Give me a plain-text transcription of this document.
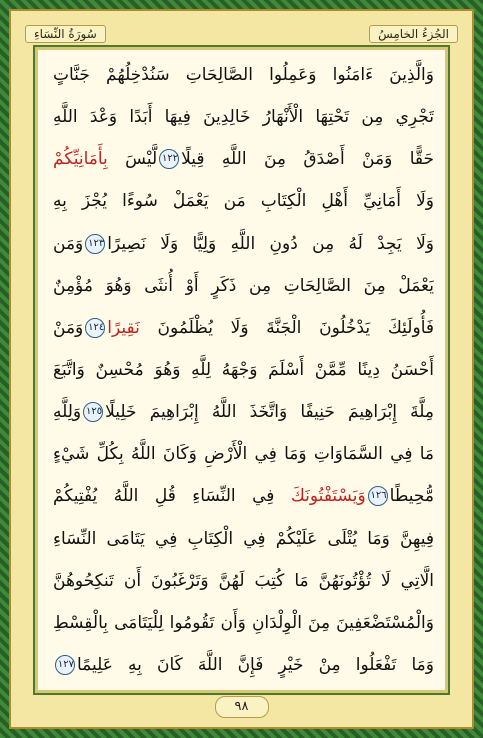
الجُزءُ الخامِسُ
سُورَةُ النِّسَاءِ
وَالَّذِينَ ءَامَنُوا وَعَمِلُوا الصَّالِحَاتِ سَنُدْخِلُهُمْ جَنَّاتٍ
تَجْرِي مِن تَحْتِهَا الْأَنْهَارُ خَالِدِينَ فِيهَا أَبَدًا وَعْدَ اللَّهِ
حَقًّا وَمَنْ أَصْدَقُ مِنَ اللَّهِ قِيلًا١٢٢لَّيْسَ بِأَمَانِيِّكُمْ
وَلَا أَمَانِيِّ أَهْلِ الْكِتَابِ مَن يَعْمَلْ سُوءًا يُجْزَ بِهِ
وَلَا يَجِدْ لَهُ مِن دُونِ اللَّهِ وَلِيًّا وَلَا نَصِيرًا١٢٣وَمَن
يَعْمَلْ مِنَ الصَّالِحَاتِ مِن ذَكَرٍ أَوْ أُنثَى وَهُوَ مُؤْمِنٌ
فَأُولَئِكَ يَدْخُلُونَ الْجَنَّةَ وَلَا يُظْلَمُونَ نَقِيرًا١٢٤وَمَنْ
أَحْسَنُ دِينًا مِّمَّنْ أَسْلَمَ وَجْهَهُ لِلَّهِ وَهُوَ مُحْسِنٌ وَاتَّبَعَ
مِلَّةَ إِبْرَاهِيمَ حَنِيفًا وَاتَّخَذَ اللَّهُ إِبْرَاهِيمَ خَلِيلًا١٢٥وَلِلَّهِ
مَا فِي السَّمَاوَاتِ وَمَا فِي الْأَرْضِ وَكَانَ اللَّهُ بِكُلِّ شَيْءٍ
مُّحِيطًا١٢٦وَيَسْتَفْتُونَكَ فِي النِّسَاءِ قُلِ اللَّهُ يُفْتِيكُمْ
فِيهِنَّ وَمَا يُتْلَى عَلَيْكُمْ فِي الْكِتَابِ فِي يَتَامَى النِّسَاءِ
الَّاتِي لَا تُؤْتُونَهُنَّ مَا كُتِبَ لَهُنَّ وَتَرْغَبُونَ أَن تَنكِحُوهُنَّ
وَالْمُسْتَضْعَفِينَ مِنَ الْوِلْدَانِ وَأَن تَقُومُوا لِلْيَتَامَى بِالْقِسْطِ
وَمَا تَفْعَلُوا مِنْ خَيْرٍ فَإِنَّ اللَّهَ كَانَ بِهِ عَلِيمًا١٢٧
٩٨
